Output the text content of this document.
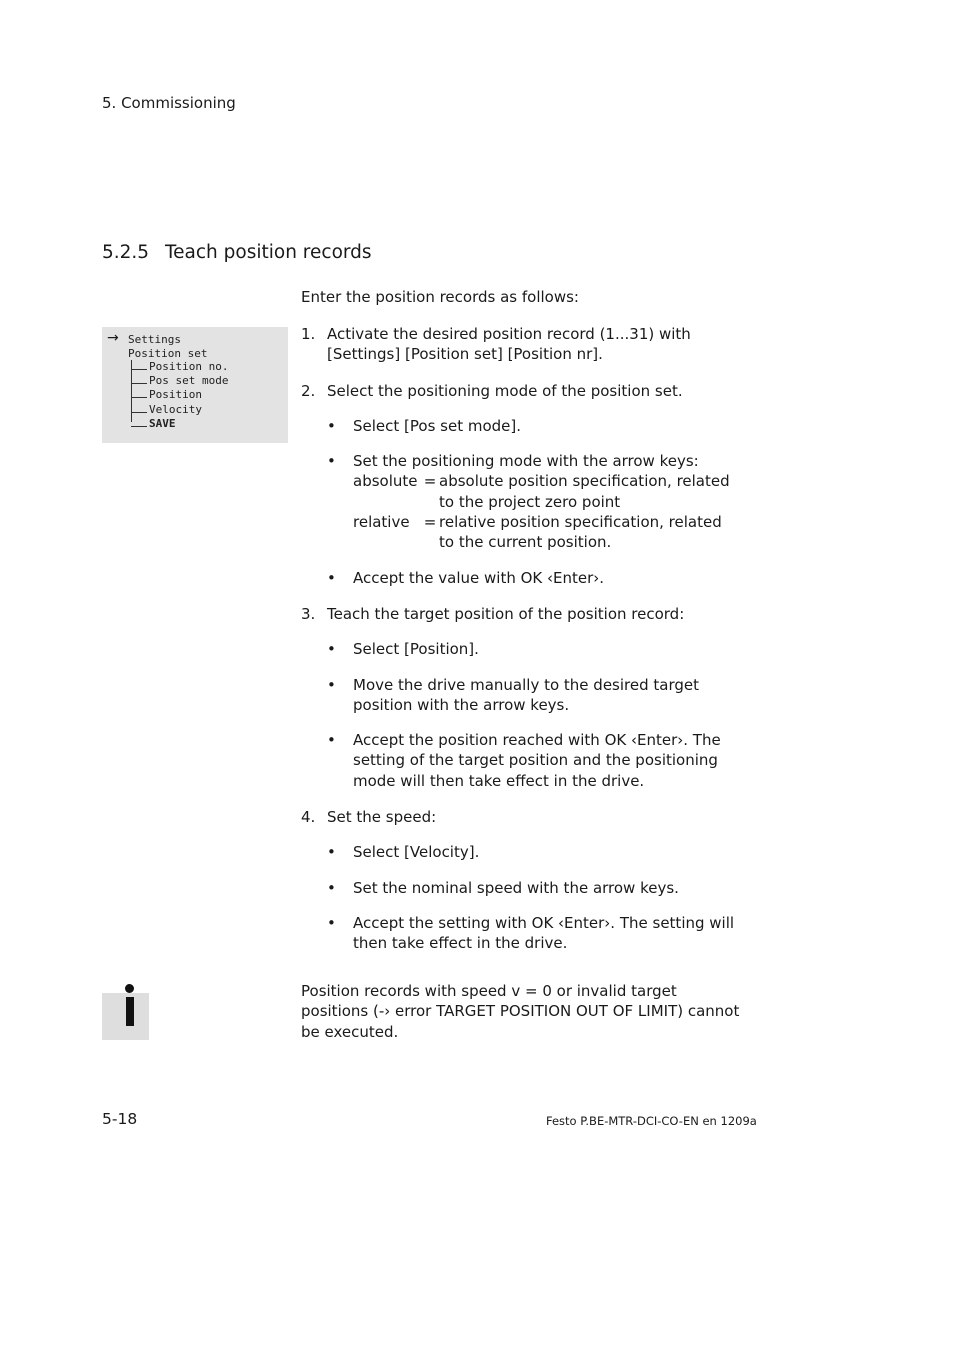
5. Commissioning
5.2.5 Teach position records
Enter the position records as follows:
→ Settings
Position set
Position no.
Pos set mode
Position
Velocity
SAVE
1. Activate the desired position record (1...31) with [Settings] [Position set] [Position nr].
2. Select the positioning mode of the position set.
• Select [Pos set mode].
• Set the positioning mode with the arrow keys:
absolute = absolute position specification, related to the project zero point
relative = relative position specification, related to the current position.
• Accept the value with OK ‹Enter›.
3. Teach the target position of the position record:
• Select [Position].
• Move the drive manually to the desired target position with the arrow keys.
• Accept the position reached with OK ‹Enter›. The setting of the target position and the positioning mode will then take effect in the drive.
4. Set the speed:
• Select [Velocity].
• Set the nominal speed with the arrow keys.
• Accept the setting with OK ‹Enter›. The setting will then take effect in the drive.
Position records with speed v = 0 or invalid target positions (-› error TARGET POSITION OUT OF LIMIT) cannot be executed.
5-18	Festo P.BE-MTR-DCI-CO-EN en 1209a
